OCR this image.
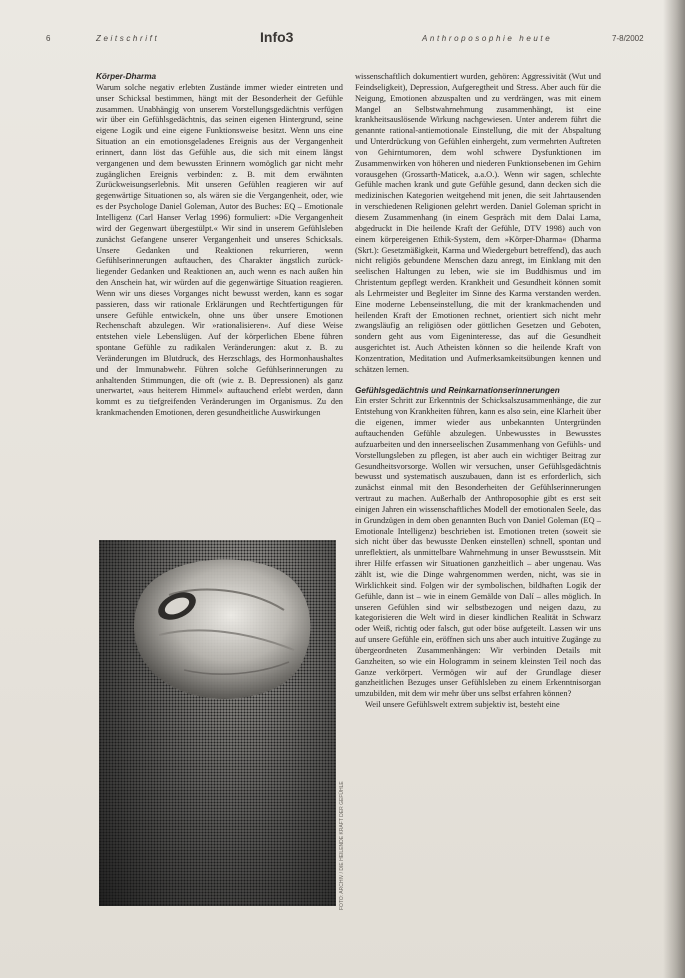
6	Zeitschrift	Info3	Anthroposophie heute	7-8/2002
Körper-Dharma

Warum solche negativ erlebten Zustände immer wieder eintreten und unser Schicksal bestimmen, hängt mit der Besonderheit der Gefühle zusammen. Unabhängig von unserem Vorstellungsgedächtnis verfügen wir über ein Gefühlsgedächtnis, das seinen eigenen Hintergrund, seine eigene Logik und eine eigene Funktionsweise besitzt. Wenn uns eine Situation an ein emotionsgeladenes Ereignis aus der Vergangenheit erinnert, dann löst das Gefühle aus, die sich mit einem längst vergangenen und dem bewussten Erinnern womöglich gar nicht mehr zugänglichen Ereignis verbinden: z. B. mit dem erwähnten Zurückweisungserlebnis. Mit unseren Gefühlen reagieren wir auf gegenwärtige Situationen so, als wären sie die Vergangenheit, oder, wie es der Psychologe Daniel Goleman, Autor des Buches: EQ – Emotionale Intelligenz (Carl Hanser Verlag 1996) formuliert: »Die Vergangenheit wird der Gegenwart übergestülpt.« Wir sind in unserem Gefühlsleben zunächst Gefangene unserer Vergangenheit und unseres Schicksals. Unsere Gedanken und Reaktionen rekurrieren, wenn Gefühlserinnerungen auftauchen, des Charakter ängstlich zurück-liegender Gedanken und Reaktionen an, auch wenn es nach außen hin den Anschein hat, wir würden auf die gegenwärtige Situation reagieren. Wenn wir uns dieses Vorganges nicht bewusst werden, kann es sogar passieren, dass wir rationale Erklärungen und Rechtfertigungen für unsere Gefühle entwickeln, ohne uns über unsere Emotionen Rechenschaft abzulegen. Wir »rationalisieren«. Auf diese Weise entstehen viele Lebenslügen. Auf der körperlichen Ebene führen spontane Gefühle zu radikalen Veränderungen: akut z. B. zu Veränderungen im Blutdruck, des Herzschlags, des Hormonhaushaltes und der Immunabwehr. Führen solche Gefühlserinnerungen zu anhaltenden Stimmungen, die oft (wie z. B. Depressionen) als ganz unerwartet, »aus heiterem Himmel« auftauchend erlebt werden, dann kommt es zu tiefgreifenden Veränderungen im Organismus. Zu den krankmachenden Emotionen, deren gesundheitliche Auswirkungen

wissenschaftlich dokumentiert wurden, gehören: Aggressivität (Wut und Feindseligkeit), Depression, Aufgeregtheit und Stress. Aber auch für die Neigung, Emotionen abzuspalten und zu verdrängen, was mit einem Mangel an Selbstwahrnehmung zusammenhängt, ist eine krankheitsauslösende Wirkung nachgewiesen. Unter anderem führt die genannte rational-antiemotionale Einstellung, die mit der Abspaltung und Unterdrückung von Gefühlen einhergeht, zum vermehrten Auftreten von Gehirntumoren, dem wohl schwere Dysfunktionen im Zusammenwirken von höheren und niederen Funktionsebenen im Gehirn vorausgehen (Grossarth-Maticek, a.a.O.). Wenn wir sagen, schlechte Gefühle machen krank und gute Gefühle gesund, dann decken sich die medizinischen Kategorien weitgehend mit jenen, die seit Jahrtausenden in verschiedenen Religionen gelehrt werden. Daniel Goleman spricht in diesem Zusammenhang (in einem Gespräch mit dem Dalai Lama, abgedruckt in Die heilende Kraft der Gefühle, DTV 1998) auch von einem körpereigenen Ethik-System, dem »Körper-Dharma« (Dharma (Skrt.): Gesetzmäßigkeit, Karma und Wiedergeburt betreffend), das auch nicht religiös gebundene Menschen dazu anregt, im Einklang mit den seelischen Haltungen zu leben, wie sie im Buddhismus und im Christentum gepflegt werden. Krankheit und Gesundheit können somit als Lehrmeister und Begleiter im Sinne des Karma verstanden werden. Eine moderne Lebenseinstellung, die mit der krankmachenden und heilenden Kraft der Emotionen rechnet, orientiert sich nicht mehr zwangsläufig an religiösen oder göttlichen Gesetzen und Geboten, sondern geht aus vom Eigeninteresse, das auf die Gesundheit ausgerichtet ist. Auch Atheisten können so die heilende Kraft von Konzentration, Meditation und Aufmerksamkeitsübungen kennen und schätzen lernen.

Gefühlsgedächtnis und Reinkarnationserinnerungen

Ein erster Schritt zur Erkenntnis der Schicksalszusammenhänge, die zur Entstehung von Krankheiten führen, kann es also sein, eine Klarheit über die eigenen, immer wieder aus unbekannten Untergründen auftauchenden Gefühle abzulegen. Unbewusstes in Bewusstes aufzuarbeiten und den innerseelischen Zusammenhang von Gefühls- und Vorstellungsleben zu pflegen, ist aber auch ein wichtiger Beitrag zur Gesundheitsvorsorge. Wollen wir versuchen, unser Gefühlsgedächtnis bewusst und systematisch auszubauen, dann ist es erforderlich, sich zunächst einmal mit den Besonderheiten der Gefühlserinnerungen vertraut zu machen. Außerhalb der Anthroposophie gibt es erst seit einigen Jahren ein wissenschaftliches Modell der emotionalen Seele, das in Grundzügen in dem oben genannten Buch von Daniel Goleman (EQ – Emotionale Intelligenz) beschrieben ist. Emotionen treten (soweit sie sich nicht über das bewusste Denken einstellen) schnell, spontan und unreflektiert, als unmittelbare Wahrnehmung in unser Bewusstsein. Mit ihrer Hilfe erfassen wir Situationen ganzheitlich – aber ungenau. Was zählt ist, wie die Dinge wahrgenommen werden, nicht, was sie in Wirklichkeit sind. Folgen wir der symbolischen, bildhaften Logik der Gefühle, dann ist – wie in einem Gemälde von Dalí – alles möglich. In unseren Gefühlen sind wir selbstbezogen und neigen dazu, zu kategorisieren die Welt wird in dieser kindlichen Realität in Schwarz oder Weiß, richtig oder falsch, gut oder böse aufgeteilt. Lassen wir uns auf unsere Gefühle ein, eröffnen sich uns aber auch intuitive Zugänge zu übergeordneten Zusammenhängen: Wir verbinden Details mit Ganzheiten, so wie ein Hologramm in seinem kleinsten Teil noch das Ganze verkörpert. Vermögen wir auf der Grundlage dieser ganzheitlichen Bezuges unser Gefühlsleben zu einem Erkenntnisorgan umzubilden, mit dem wir mehr über uns selbst erfahren können?

Weil unsere Gefühlswelt extrem subjektiv ist, besteht eine

FOTO: ARCHIV / DIE HEILENDE KRAFT DER GEFÜHLE
